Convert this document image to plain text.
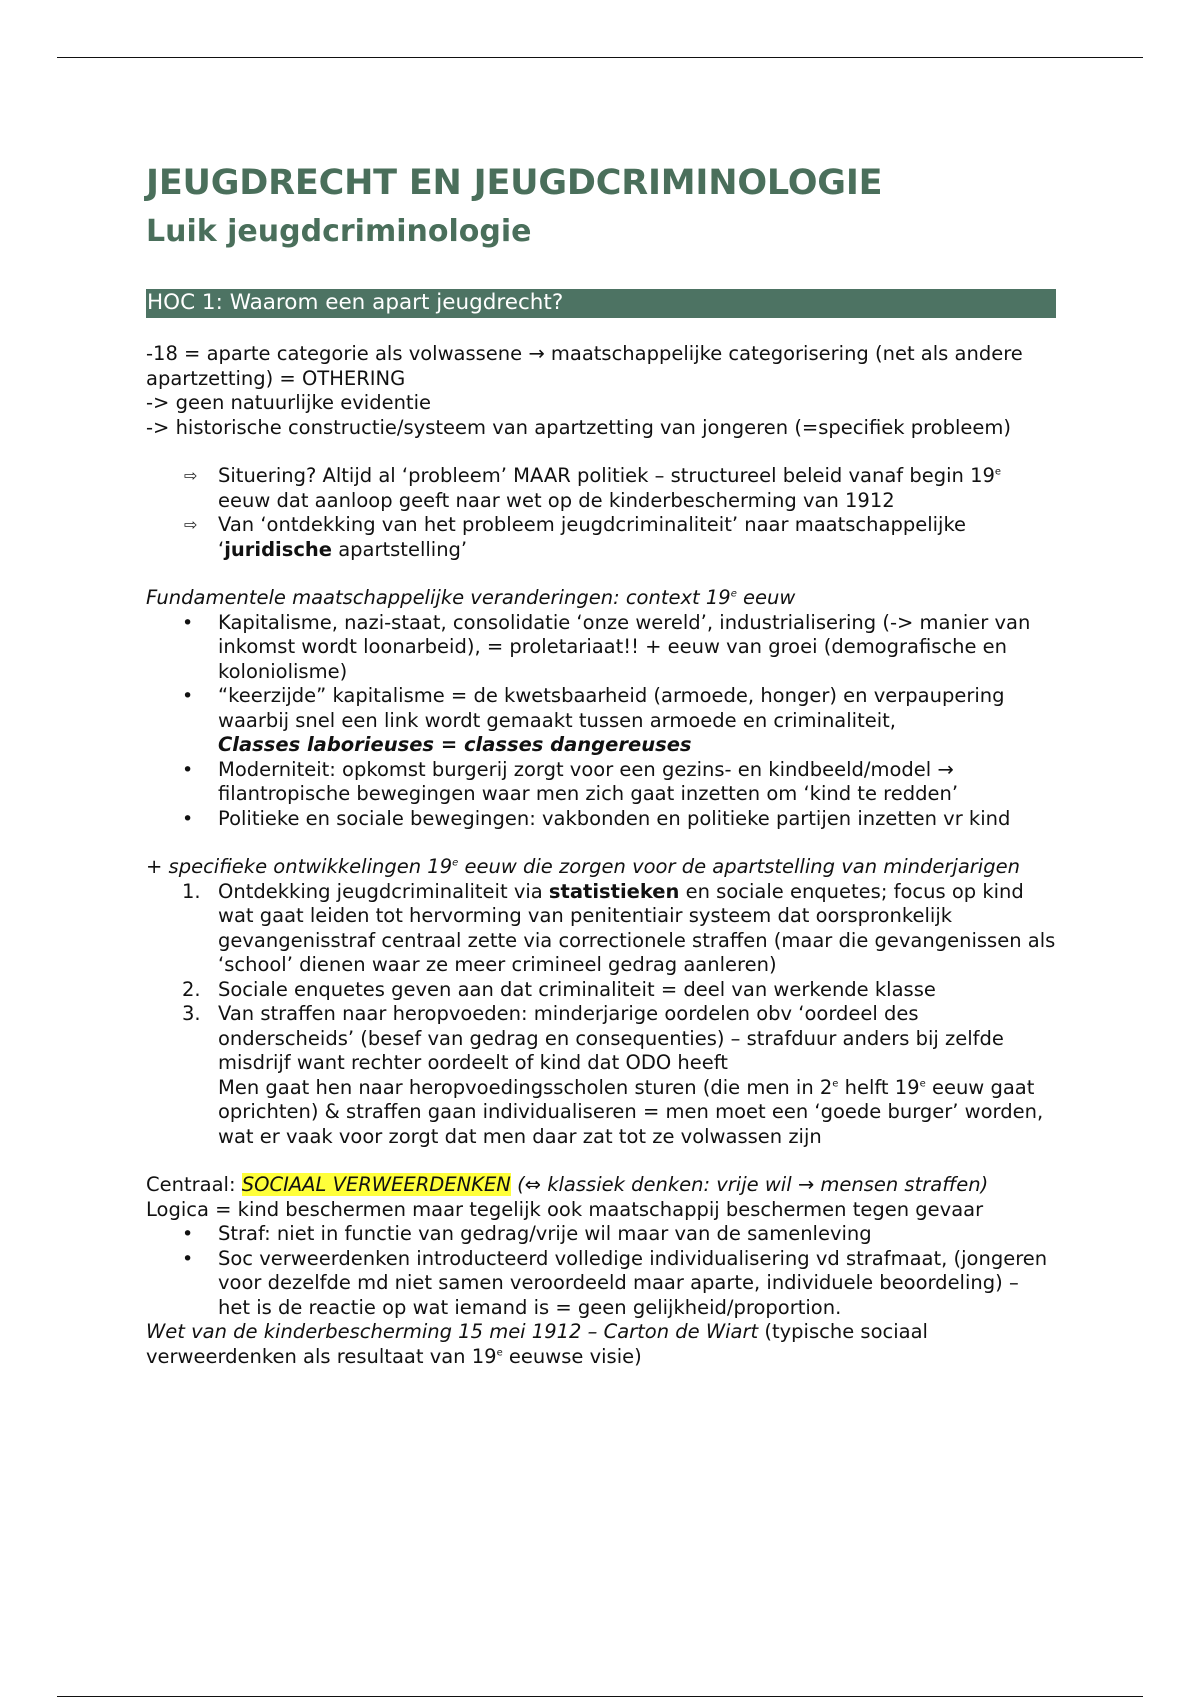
JEUGDRECHT EN JEUGDCRIMINOLOGIE
Luik jeugdcriminologie
HOC 1: Waarom een apart jeugdrecht?

-18 = aparte categorie als volwassene → maatschappelijke categorisering (net als andere apartzetting) = OTHERING

-> geen natuurlijke evidentie

-> historische constructie/systeem van apartzetting van jongeren (=specifiek probleem)

⇨ Situering? Altijd al ‘probleem’ MAAR politiek – structureel beleid vanaf begin 19e eeuw dat aanloop geeft naar wet op de kinderbescherming van 1912
⇨ Van ‘ontdekking van het probleem jeugdcriminaliteit’ naar maatschappelijke ‘juridische apartstelling’

Fundamentele maatschappelijke veranderingen: context 19e eeuw

• Kapitalisme, nazi-staat, consolidatie ‘onze wereld’, industrialisering (-> manier van inkomst wordt loonarbeid), = proletariaat!! + eeuw van groei (demografische en koloniolisme)
• “keerzijde” kapitalisme = de kwetsbaarheid (armoede, honger) en verpaupering waarbij snel een link wordt gemaakt tussen armoede en criminaliteit,
Classes laborieuses = classes dangereuses
• Moderniteit: opkomst burgerij zorgt voor een gezins- en kindbeeld/model → filantropische bewegingen waar men zich gaat inzetten om ‘kind te redden’
• Politieke en sociale bewegingen: vakbonden en politieke partijen inzetten vr kind

+ specifieke ontwikkelingen 19e eeuw die zorgen voor de apartstelling van minderjarigen

1. Ontdekking jeugdcriminaliteit via statistieken en sociale enquetes; focus op kind wat gaat leiden tot hervorming van penitentiair systeem dat oorspronkelijk gevangenisstraf centraal zette via correctionele straffen (maar die gevangenissen als ‘school’ dienen waar ze meer crimineel gedrag aanleren)
2. Sociale enquetes geven aan dat criminaliteit = deel van werkende klasse
3. Van straffen naar heropvoeden: minderjarige oordelen obv ‘oordeel des onderscheids’ (besef van gedrag en consequenties) – strafduur anders bij zelfde misdrijf want rechter oordeelt of kind dat ODO heeft
Men gaat hen naar heropvoedingsscholen sturen (die men in 2e helft 19e eeuw gaat oprichten) & straffen gaan individualiseren = men moet een ‘goede burger’ worden, wat er vaak voor zorgt dat men daar zat tot ze volwassen zijn

Centraal: SOCIAAL VERWEERDENKEN (⇔ klassiek denken: vrije wil → mensen straffen)

Logica = kind beschermen maar tegelijk ook maatschappij beschermen tegen gevaar

• Straf: niet in functie van gedrag/vrije wil maar van de samenleving
• Soc verweerdenken introducteerd volledige individualisering vd strafmaat, (jongeren voor dezelfde md niet samen veroordeeld maar aparte, individuele beoordeling) – het is de reactie op wat iemand is = geen gelijkheid/proportion.

Wet van de kinderbescherming 15 mei 1912 – Carton de Wiart (typische sociaal verweerdenken als resultaat van 19e eeuwse visie)
